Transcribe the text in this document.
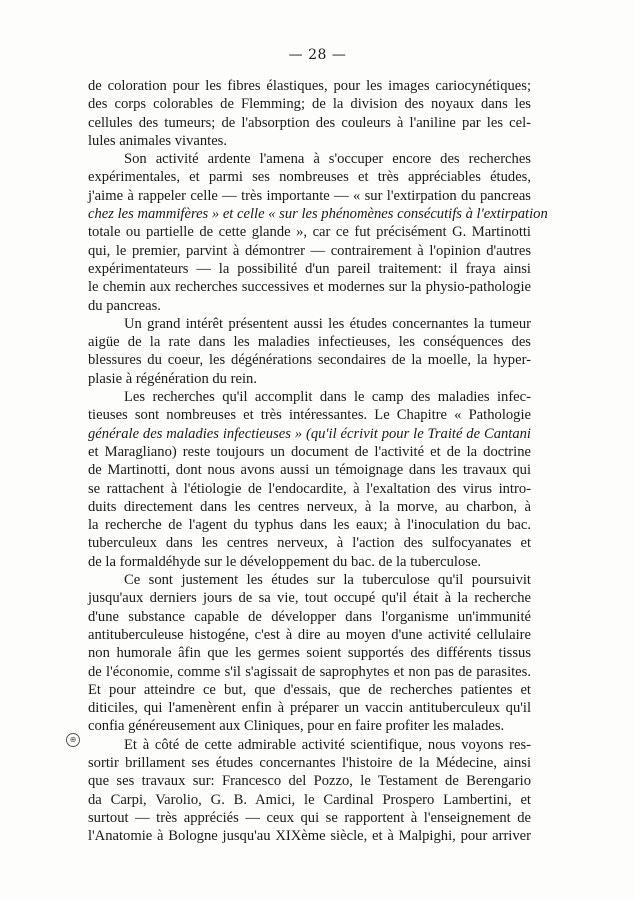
— 28 —
de coloration pour les fibres élastiques, pour les images cariocynétiques;
des corps colorables de Flemming; de la division des noyaux dans les
cellules des tumeurs; de l'absorption des couleurs à l'aniline par les cel-
lules animales vivantes.
Son activité ardente l'amena à s'occuper encore des recherches
expérimentales, et parmi ses nombreuses et très appréciables études,
j'aime à rappeler celle — très importante — « sur l'extirpation du pancreas
chez les mammifères » et celle « sur les phénomènes consécutifs à l'extirpation
totale ou partielle de cette glande », car ce fut précisément G. Martinotti
qui, le premier, parvint à démontrer — contrairement à l'opinion d'autres
expérimentateurs — la possibilité d'un pareil traitement: il fraya ainsi
le chemin aux recherches successives et modernes sur la physio-pathologie
du pancreas.
Un grand intérêt présentent aussi les études concernantes la tumeur
aigüe de la rate dans les maladies infectieuses, les conséquences des
blessures du coeur, les dégénérations secondaires de la moelle, la hyper-
plasie à régénération du rein.
Les recherches qu'il accomplit dans le camp des maladies infec-
tieuses sont nombreuses et très intéressantes. Le Chapitre « Pathologie
générale des maladies infectieuses » (qu'il écrivit pour le Traité de Cantani
et Maragliano) reste toujours un document de l'activité et de la doctrine
de Martinotti, dont nous avons aussi un témoignage dans les travaux qui
se rattachent à l'étiologie de l'endocardite, à l'exaltation des virus intro-
duits directement dans les centres nerveux, à la morve, au charbon, à
la recherche de l'agent du typhus dans les eaux; à l'inoculation du bac.
tuberculeux dans les centres nerveux, à l'action des sulfocyanates et
de la formaldéhyde sur le développement du bac. de la tuberculose.
Ce sont justement les études sur la tuberculose qu'il poursuivit
jusqu'aux derniers jours de sa vie, tout occupé qu'il était à la recherche
d'une substance capable de développer dans l'organisme un'immunité
antituberculeuse histogéne, c'est à dire au moyen d'une activité cellulaire
non humorale âfin que les germes soient supportés des différents tissus
de l'économie, comme s'il s'agissait de saprophytes et non pas de parasites.
Et pour atteindre ce but, que d'essais, que de recherches patientes et
diticiles, qui l'amenèrent enfin à préparer un vaccin antituberculeux qu'il
confia généreusement aux Cliniques, pour en faire profiter les malades.
Et à côté de cette admirable activité scientifique, nous voyons res-
sortir brillament ses études concernantes l'histoire de la Médecine, ainsi
que ses travaux sur: Francesco del Pozzo, le Testament de Berengario
da Carpi, Varolio, G. B. Amici, le Cardinal Prospero Lambertini, et
surtout — très appréciés — ceux qui se rapportent à l'enseignement de
l'Anatomie à Bologne jusqu'au XIXème siècle, et à Malpighi, pour arriver
⊕
